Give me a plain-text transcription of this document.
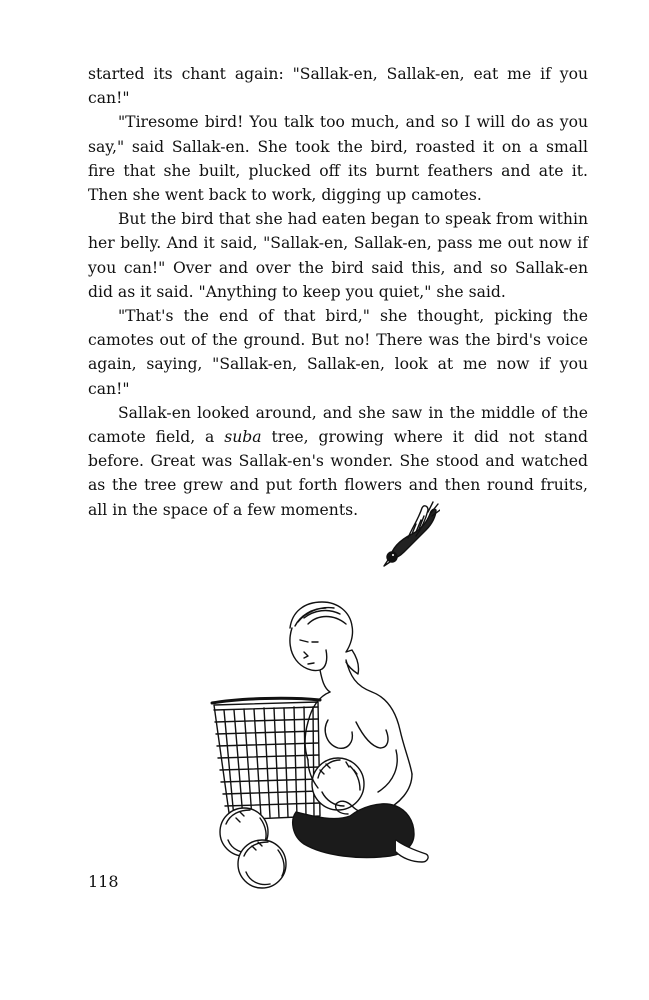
started its chant again: "Sallak-en, Sallak-en, eat me if you can!"

"Tiresome bird! You talk too much, and so I will do as you say," said Sallak-en. She took the bird, roasted it on a small fire that she built, plucked off its burnt feathers and ate it. Then she went back to work, digging up camotes.

But the bird that she had eaten began to speak from within her belly. And it said, "Sallak-en, Sallak-en, pass me out now if you can!" Over and over the bird said this, and so Sallak-en did as it said. "Anything to keep you quiet," she said.

"That's the end of that bird," she thought, picking the camotes out of the ground. But no! There was the bird's voice again, saying, "Sallak-en, Sallak-en, look at me now if you can!"

Sallak-en looked around, and she saw in the middle of the camote field, a suba tree, growing where it did not stand before. Great was Sallak-en's wonder. She stood and watched as the tree grew and put forth flowers and then round fruits, all in the space of a few moments.

118
